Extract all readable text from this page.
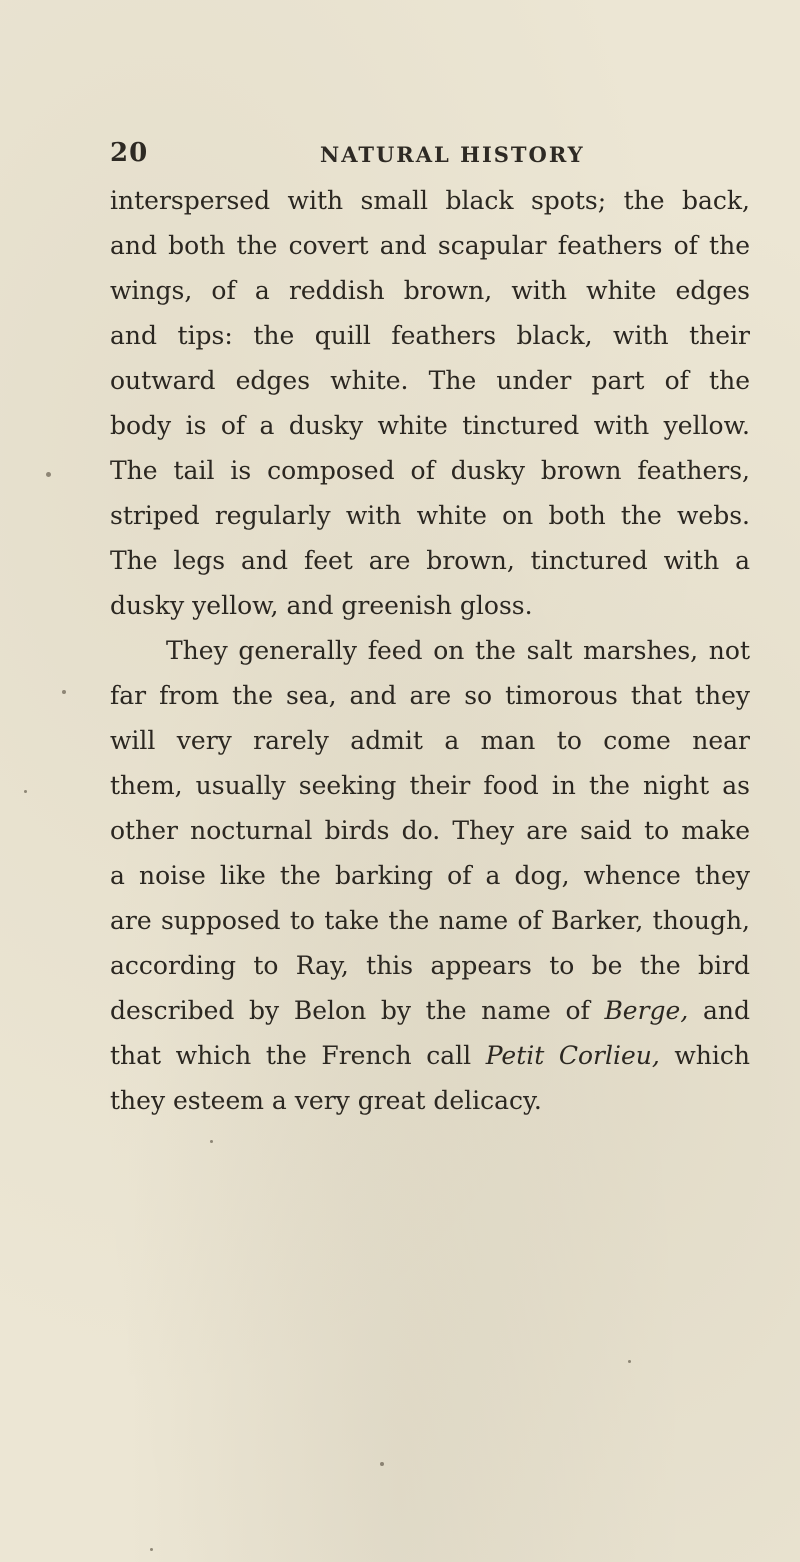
20	NATURAL HISTORY
interspersed with small black spots; the back,
and both the covert and scapular feathers of the
wings, of a reddish brown, with white edges
and tips: the quill feathers black, with their
outward edges white. The under part of the
body is of a dusky white tinctured with yellow.
The tail is composed of dusky brown feathers,
striped regularly with white on both the webs.
The legs and feet are brown, tinctured with a
dusky yellow, and greenish gloss.
They generally feed on the salt marshes, not
far from the sea, and are so timorous that they
will very rarely admit a man to come near
them, usually seeking their food in the night as
other nocturnal birds do. They are said to make
a noise like the barking of a dog, whence they
are supposed to take the name of Barker, though,
according to Ray, this appears to be the bird
described by Belon by the name of Berge, and
that which the French call Petit Corlieu, which
they esteem a very great delicacy.
